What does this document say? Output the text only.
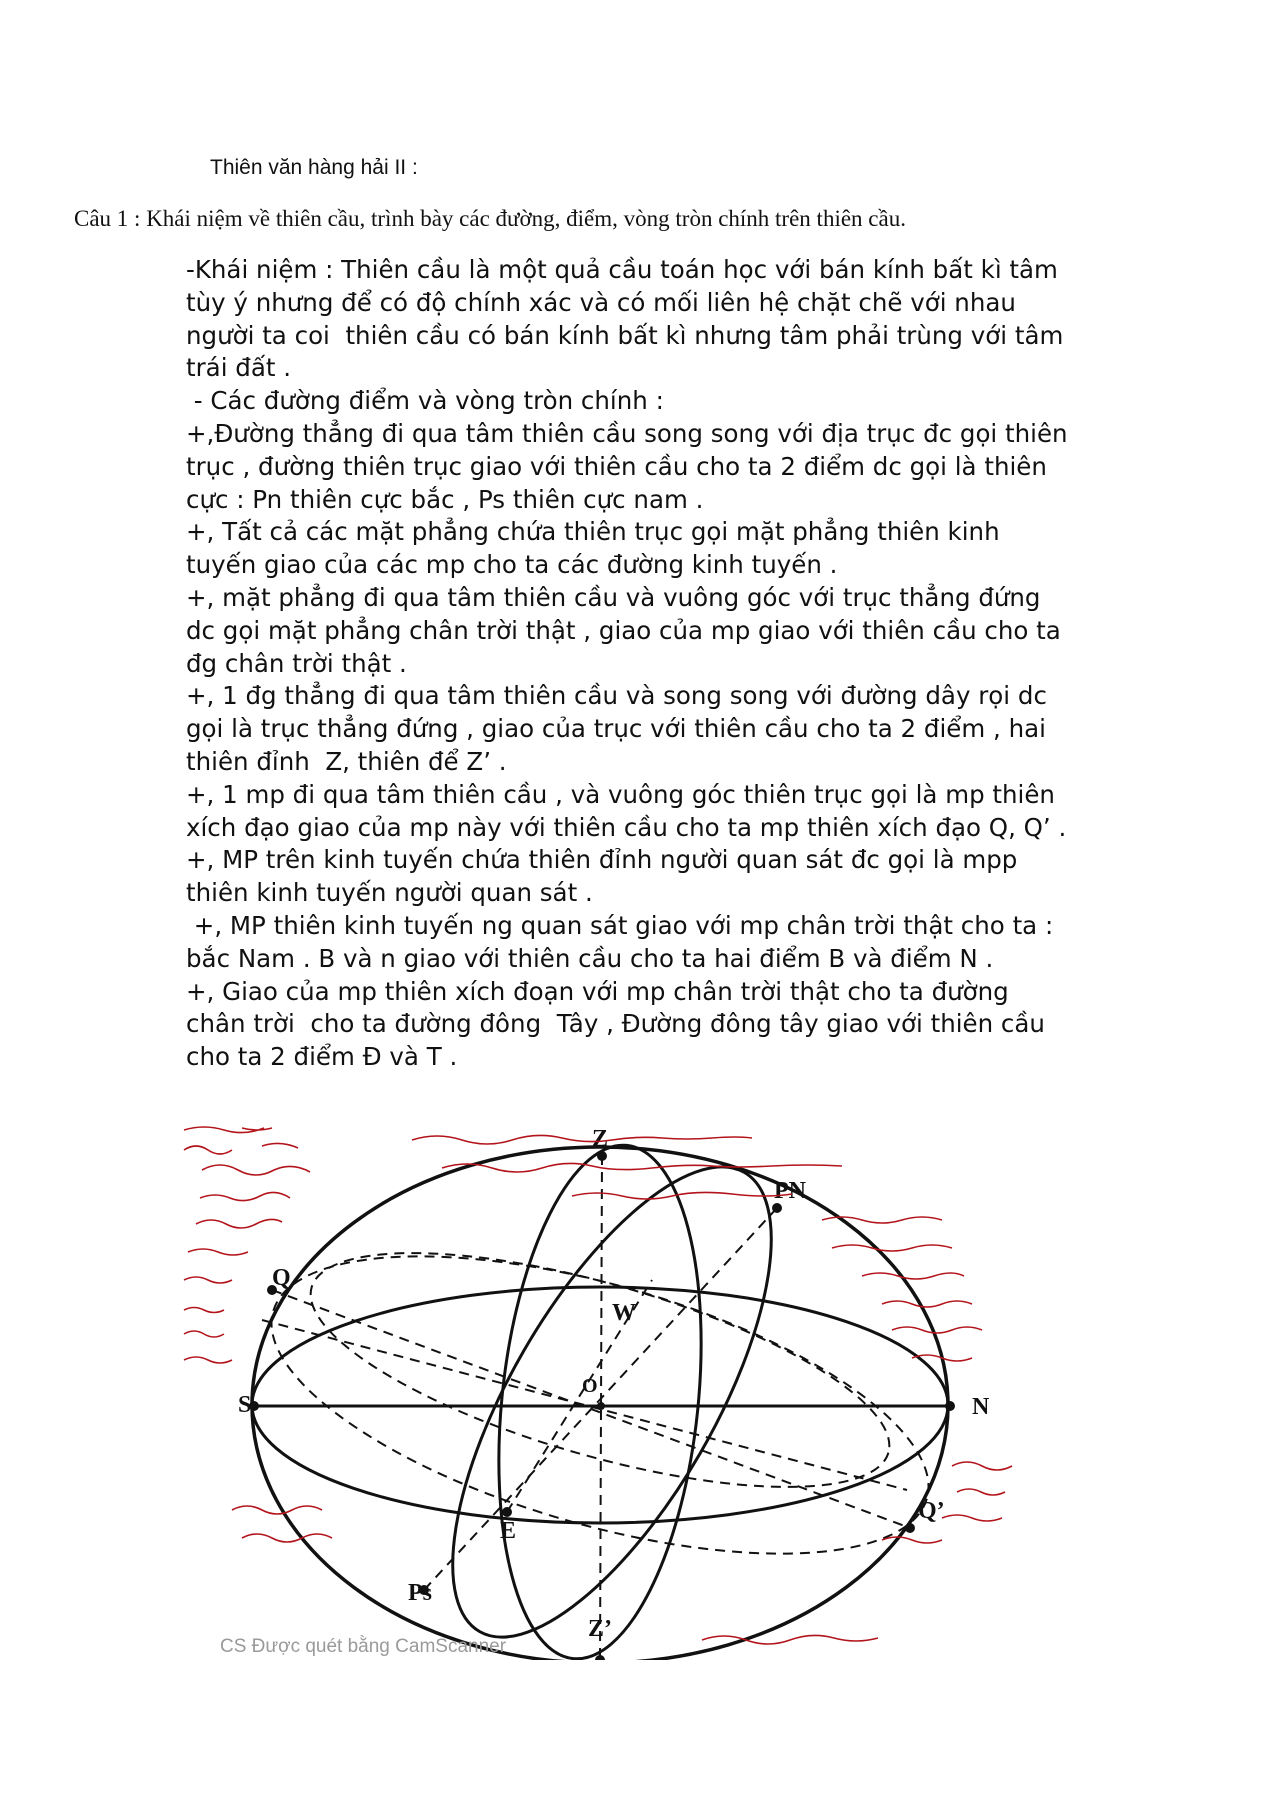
Thiên văn hàng hải II :
Câu 1 : Khái niệm về thiên cầu, trình bày các đường, điểm, vòng tròn chính trên thiên cầu.
-Khái niệm : Thiên cầu là một quả cầu toán học với bán kính bất kì tâm
tùy ý nhưng để có độ chính xác và có mối liên hệ chặt chẽ với nhau
người ta coi  thiên cầu có bán kính bất kì nhưng tâm phải trùng với tâm
trái đất .
- Các đường điểm và vòng tròn chính :
+,Đường thẳng đi qua tâm thiên cầu song song với địa trục đc gọi thiên
trục , đường thiên trục giao với thiên cầu cho ta 2 điểm dc gọi là thiên
cực : Pn thiên cực bắc , Ps thiên cực nam .
+, Tất cả các mặt phẳng chứa thiên trục gọi mặt phẳng thiên kinh
tuyến giao của các mp cho ta các đường kinh tuyến .
+, mặt phẳng đi qua tâm thiên cầu và vuông góc với trục thẳng đứng
dc gọi mặt phẳng chân trời thật , giao của mp giao với thiên cầu cho ta
đg chân trời thật .
+, 1 đg thẳng đi qua tâm thiên cầu và song song với đường dây rọi dc
gọi là trục thẳng đứng , giao của trục với thiên cầu cho ta 2 điểm , hai
thiên đỉnh  Z, thiên để Z’ .
+, 1 mp đi qua tâm thiên cầu , và vuông góc thiên trục gọi là mp thiên
xích đạo giao của mp này với thiên cầu cho ta mp thiên xích đạo Q, Q’ .
+, MP trên kinh tuyến chứa thiên đỉnh người quan sát đc gọi là mpp
thiên kinh tuyến người quan sát .
+, MP thiên kinh tuyến ng quan sát giao với mp chân trời thật cho ta :
bắc Nam . B và n giao với thiên cầu cho ta hai điểm B và điểm N .
+, Giao của mp thiên xích đoạn với mp chân trời thật cho ta đường
chân trời  cho ta đường đông  Tây , Đường đông tây giao với thiên cầu
cho ta 2 điểm Đ và T .
Z
PN
Q
W
O
S	N
E
Q’
Ps
Z’
CS Được quét bằng CamScanner
